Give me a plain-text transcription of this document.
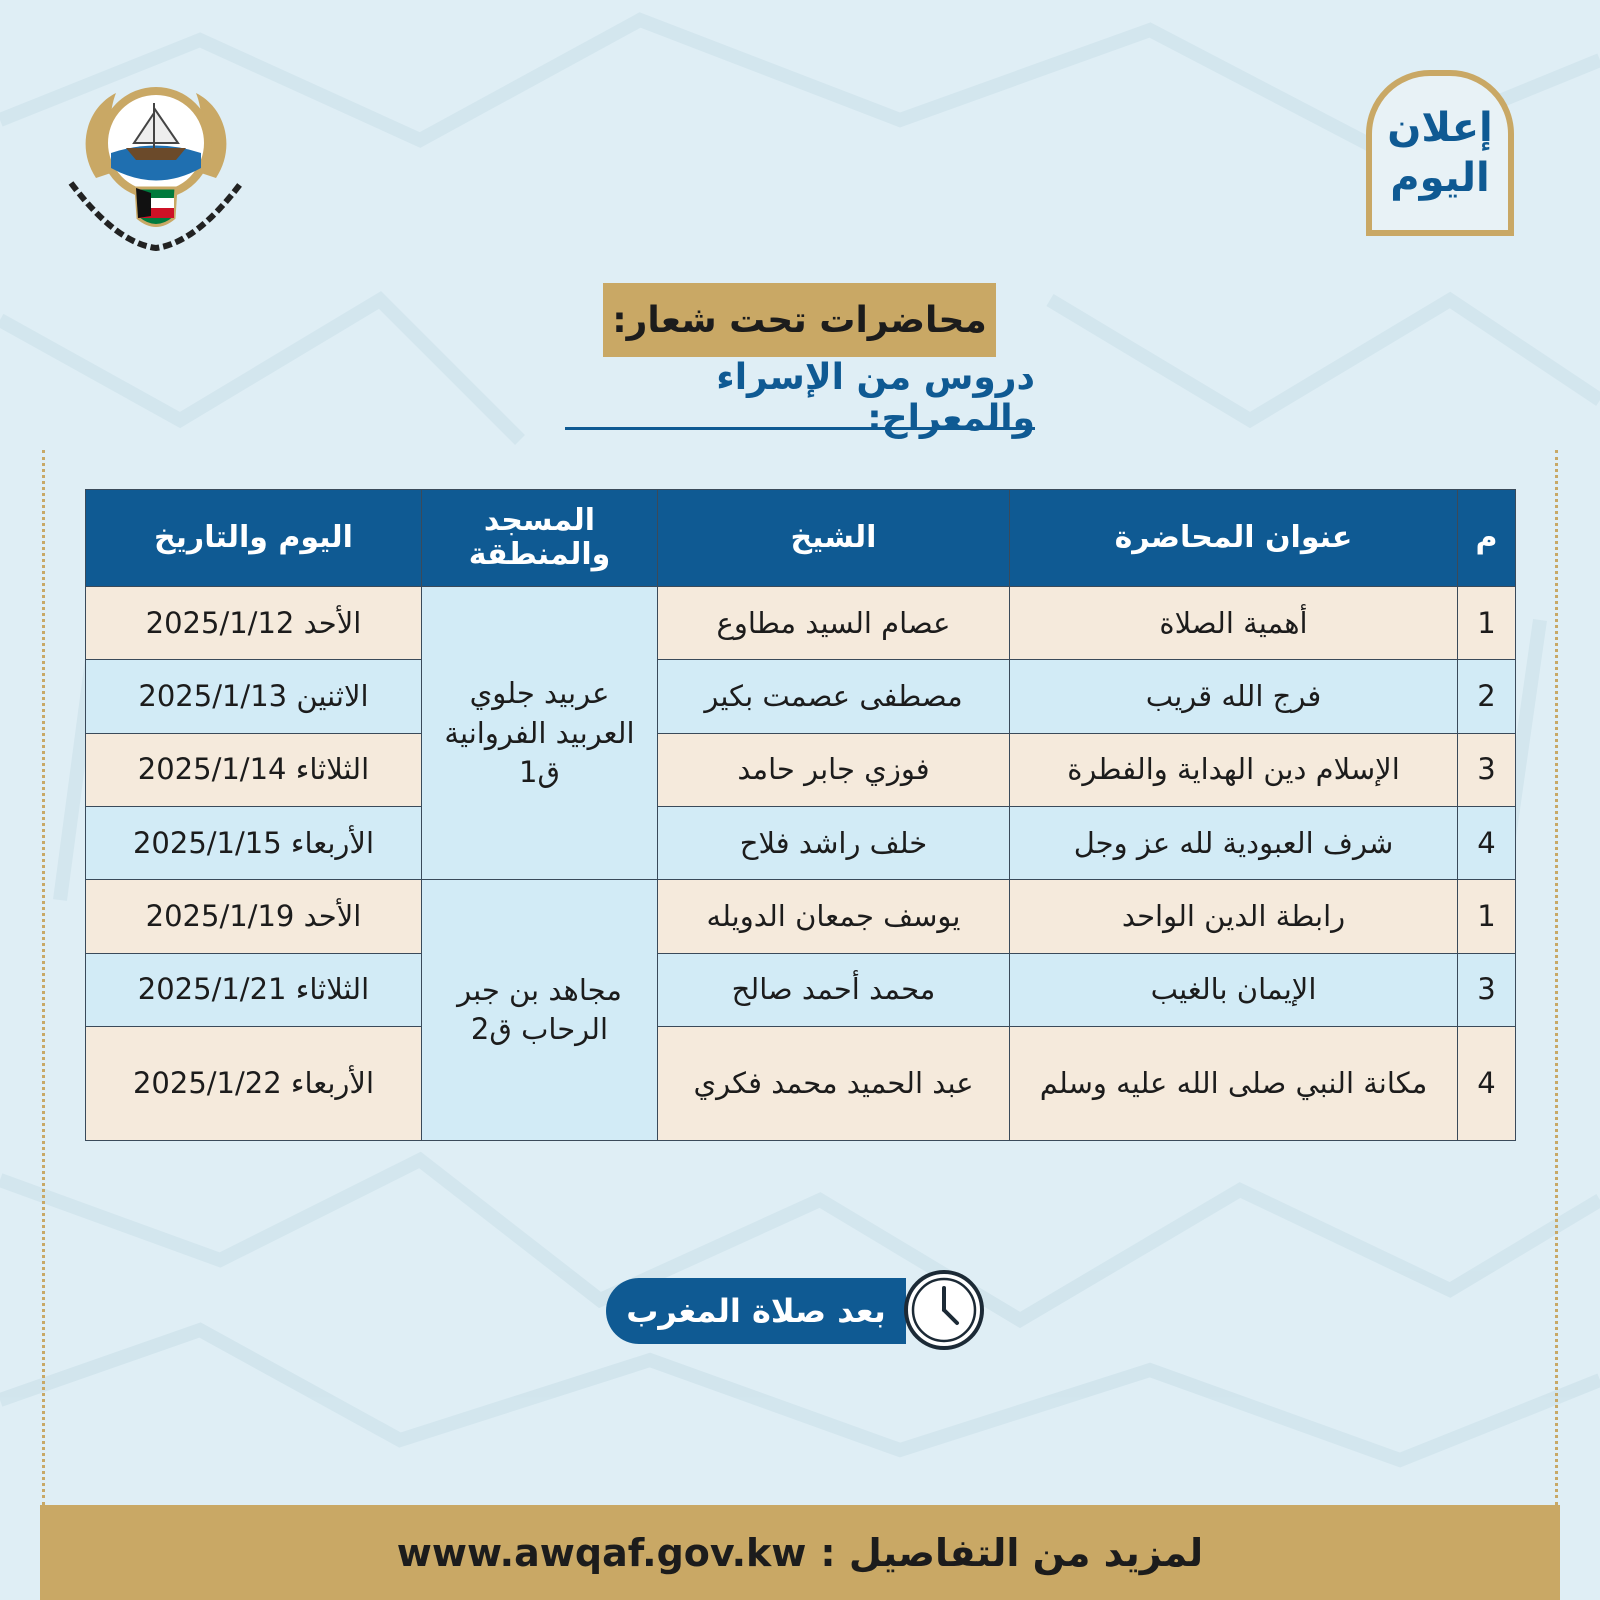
إعلان
اليوم
محاضرات تحت شعار:
دروس من الإسراء والمعراج:
م	عنوان المحاضرة	الشيخ	المسجد والمنطقة	اليوم والتاريخ
1	أهمية الصلاة	عصام السيد مطاوع	عربيد جلوي العربيد الفروانية ق1	الأحد 2025/1/12
2	فرج الله قريب	مصطفى عصمت بكير		الاثنين 2025/1/13
3	الإسلام دين الهداية والفطرة	فوزي جابر حامد		الثلاثاء 2025/1/14
4	شرف العبودية لله عز وجل	خلف راشد فلاح		الأربعاء 2025/1/15
1	رابطة الدين الواحد	يوسف جمعان الدويله	مجاهد بن جبر الرحاب ق2	الأحد 2025/1/19
3	الإيمان بالغيب	محمد أحمد صالح		الثلاثاء 2025/1/21
4	مكانة النبي صلى الله عليه وسلم	عبد الحميد محمد فكري		الأربعاء 2025/1/22
بعد صلاة المغرب
لمزيد من التفاصيل :
www.awqaf.gov.kw
